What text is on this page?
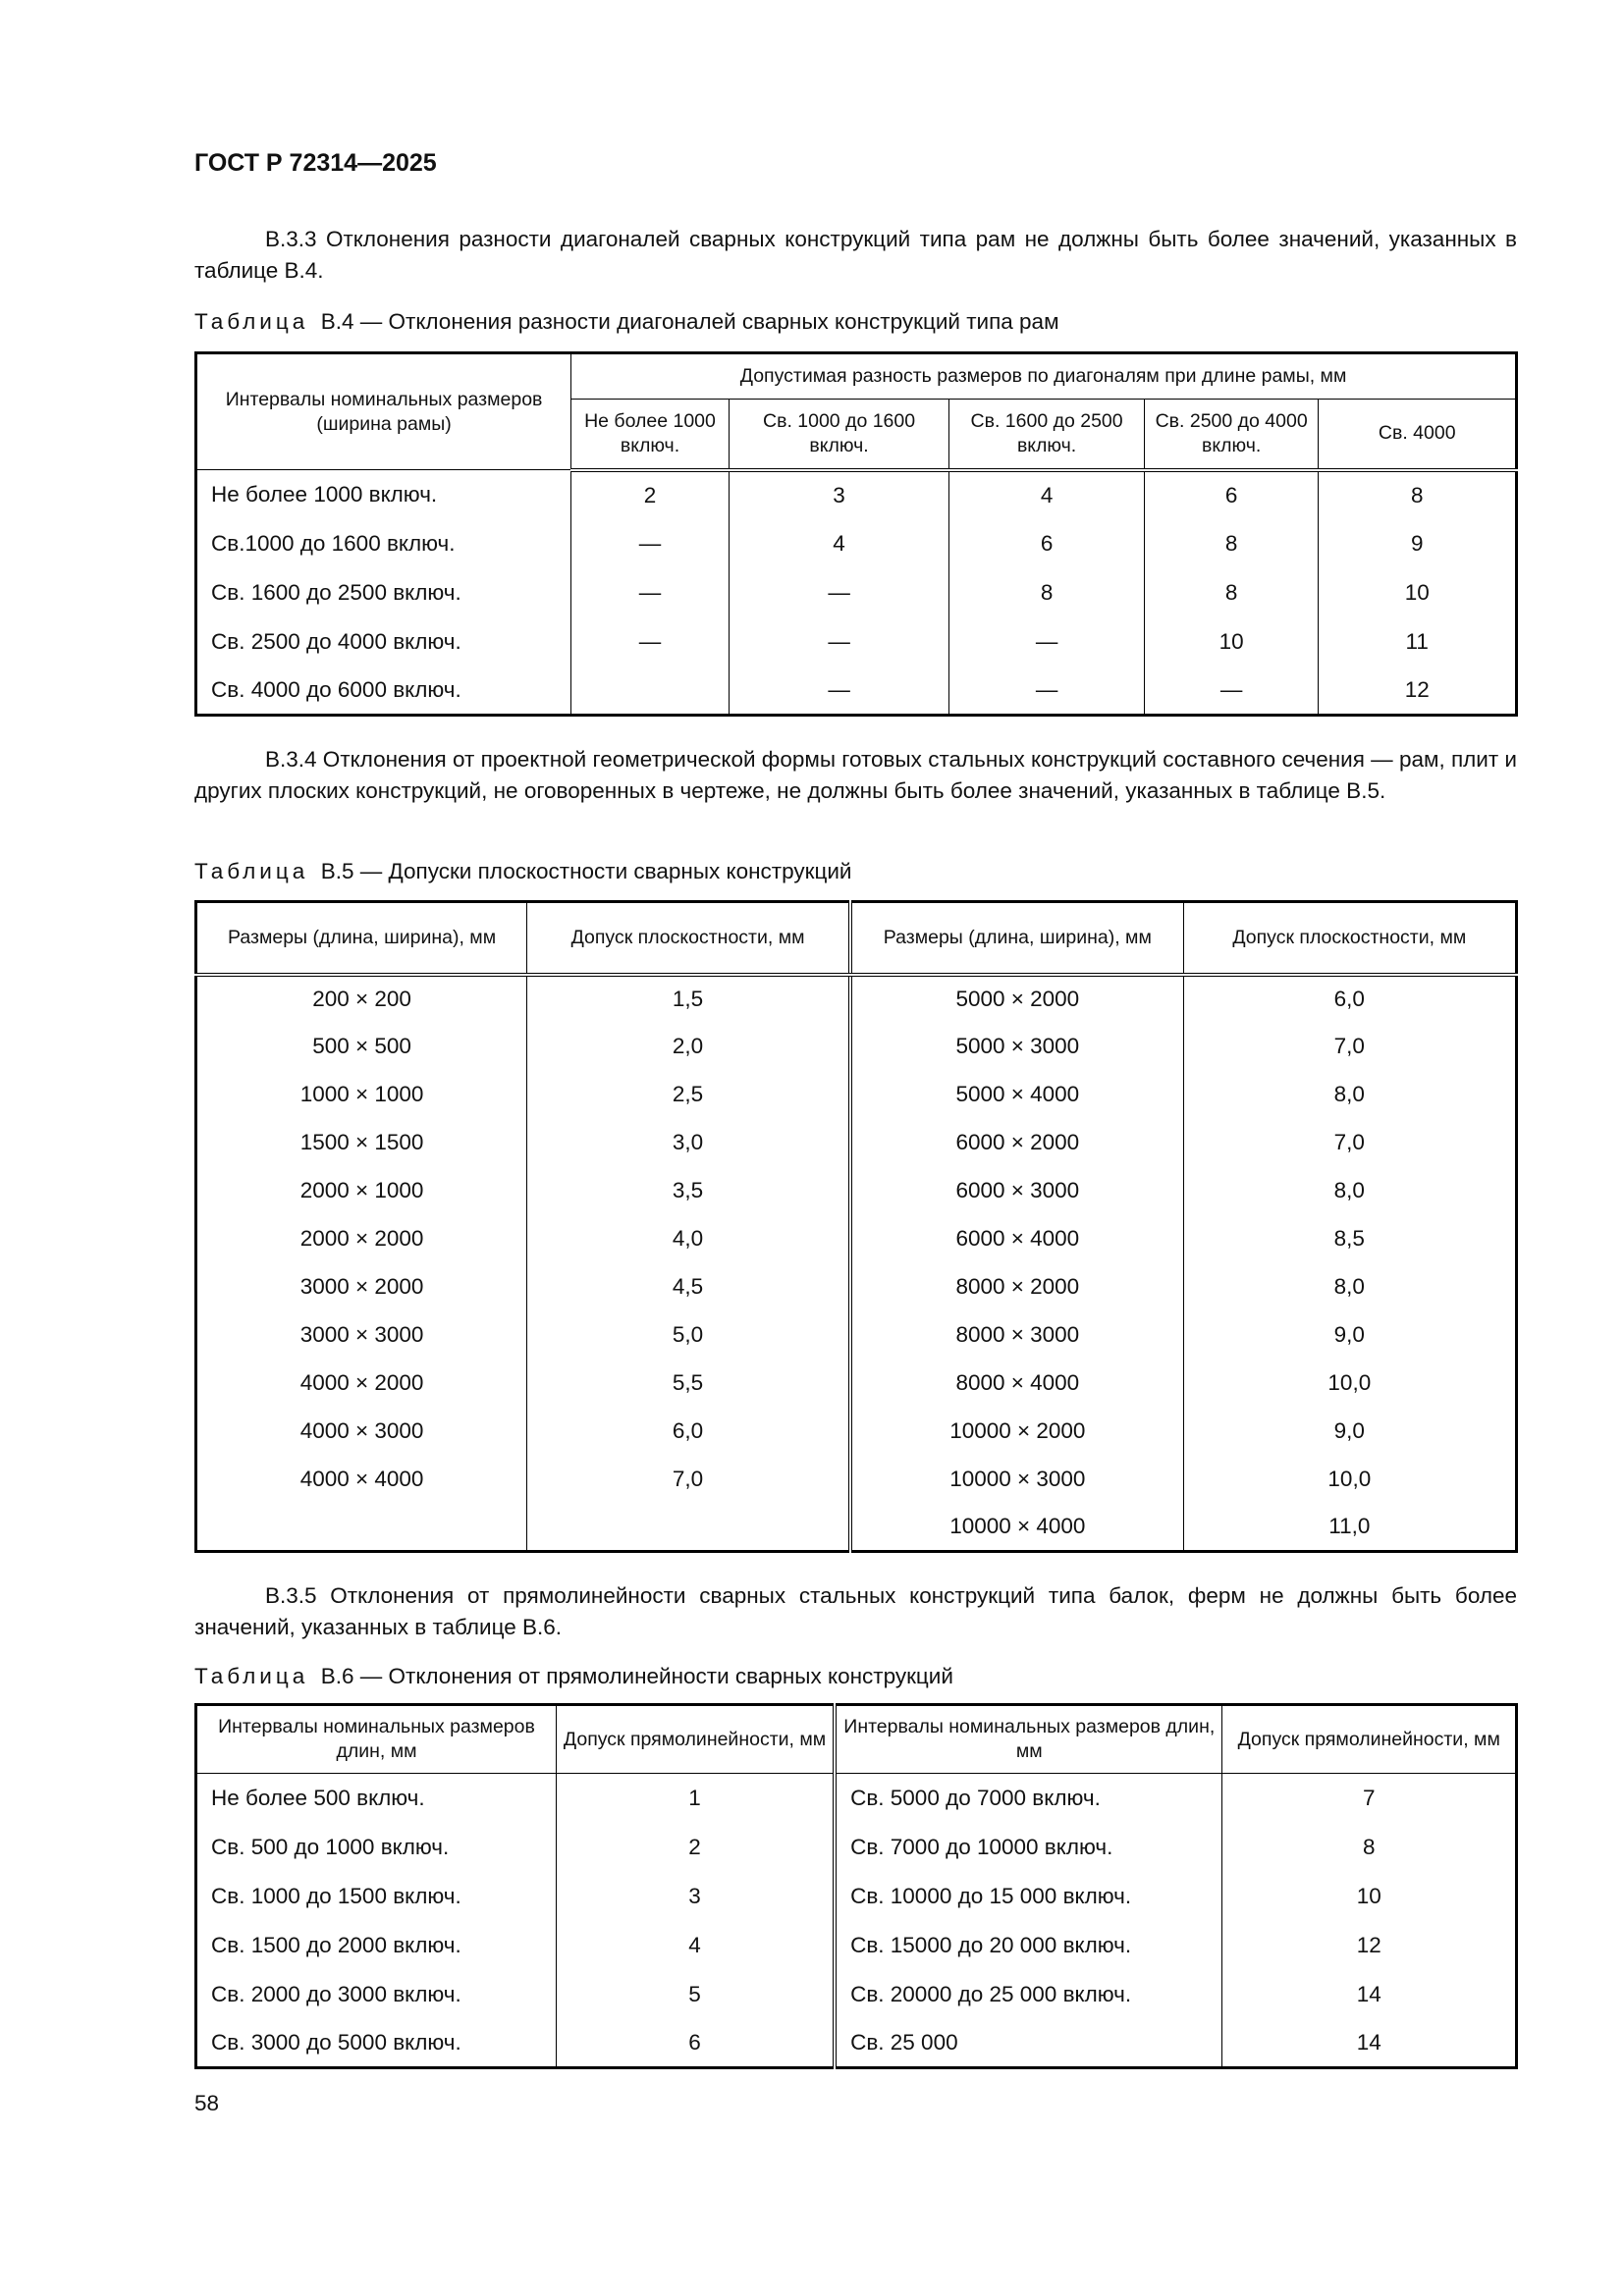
ГОСТ Р 72314—2025
В.3.3 Отклонения разности диагоналей сварных конструкций типа рам не должны быть более значений, указанных в таблице В.4.
Таблица В.4 — Отклонения разности диагоналей сварных конструкций типа рам
Интервалы номинальных размеров (ширина рамы)	Допустимая разность размеров по диагоналям при длине рамы, мм				
	Не более 1000 включ.	Св. 1000 до 1600 включ.	Св. 1600 до 2500 включ.	Св. 2500 до 4000 включ.	Св. 4000
Не более 1000 включ.	2	3	4	6	8
Св.1000 до 1600 включ.	—	4	6	8	9
Св. 1600 до 2500 включ.	—	—	8	8	10
Св. 2500 до 4000 включ.	—	—	—	10	11
Св. 4000 до 6000 включ.		—	—	—	12
В.3.4 Отклонения от проектной геометрической формы готовых стальных конструкций составного сечения — рам, плит и других плоских конструкций, не оговоренных в чертеже, не должны быть более значений, указанных в таблице В.5.
Таблица В.5 — Допуски плоскостности сварных конструкций
Размеры (длина, ширина), мм	Допуск плоскостности, мм	Размеры (длина, ширина), мм	Допуск плоскостности, мм
200 × 200	1,5	5000 × 2000	6,0
500 × 500	2,0	5000 × 3000	7,0
1000 × 1000	2,5	5000 × 4000	8,0
1500 × 1500	3,0	6000 × 2000	7,0
2000 × 1000	3,5	6000 × 3000	8,0
2000 × 2000	4,0	6000 × 4000	8,5
3000 × 2000	4,5	8000 × 2000	8,0
3000 × 3000	5,0	8000 × 3000	9,0
4000 × 2000	5,5	8000 × 4000	10,0
4000 × 3000	6,0	10000 × 2000	9,0
4000 × 4000	7,0	10000 × 3000	10,0
		10000 × 4000	11,0
В.3.5 Отклонения от прямолинейности сварных стальных конструкций типа балок, ферм не должны быть более значений, указанных в таблице В.6.
Таблица В.6 — Отклонения от прямолинейности сварных конструкций
Интервалы номинальных размеров длин, мм	Допуск прямолинейности, мм	Интервалы номинальных размеров длин, мм	Допуск прямолинейности, мм
Не более 500 включ.	1	Св. 5000 до 7000 включ.	7
Св. 500 до 1000 включ.	2	Св. 7000 до 10000 включ.	8
Св. 1000 до 1500 включ.	3	Св. 10000 до 15 000 включ.	10
Св. 1500 до 2000 включ.	4	Св. 15000 до 20 000 включ.	12
Св. 2000 до 3000 включ.	5	Св. 20000 до 25 000 включ.	14
Св. 3000 до 5000 включ.	6	Св. 25 000	14
58
